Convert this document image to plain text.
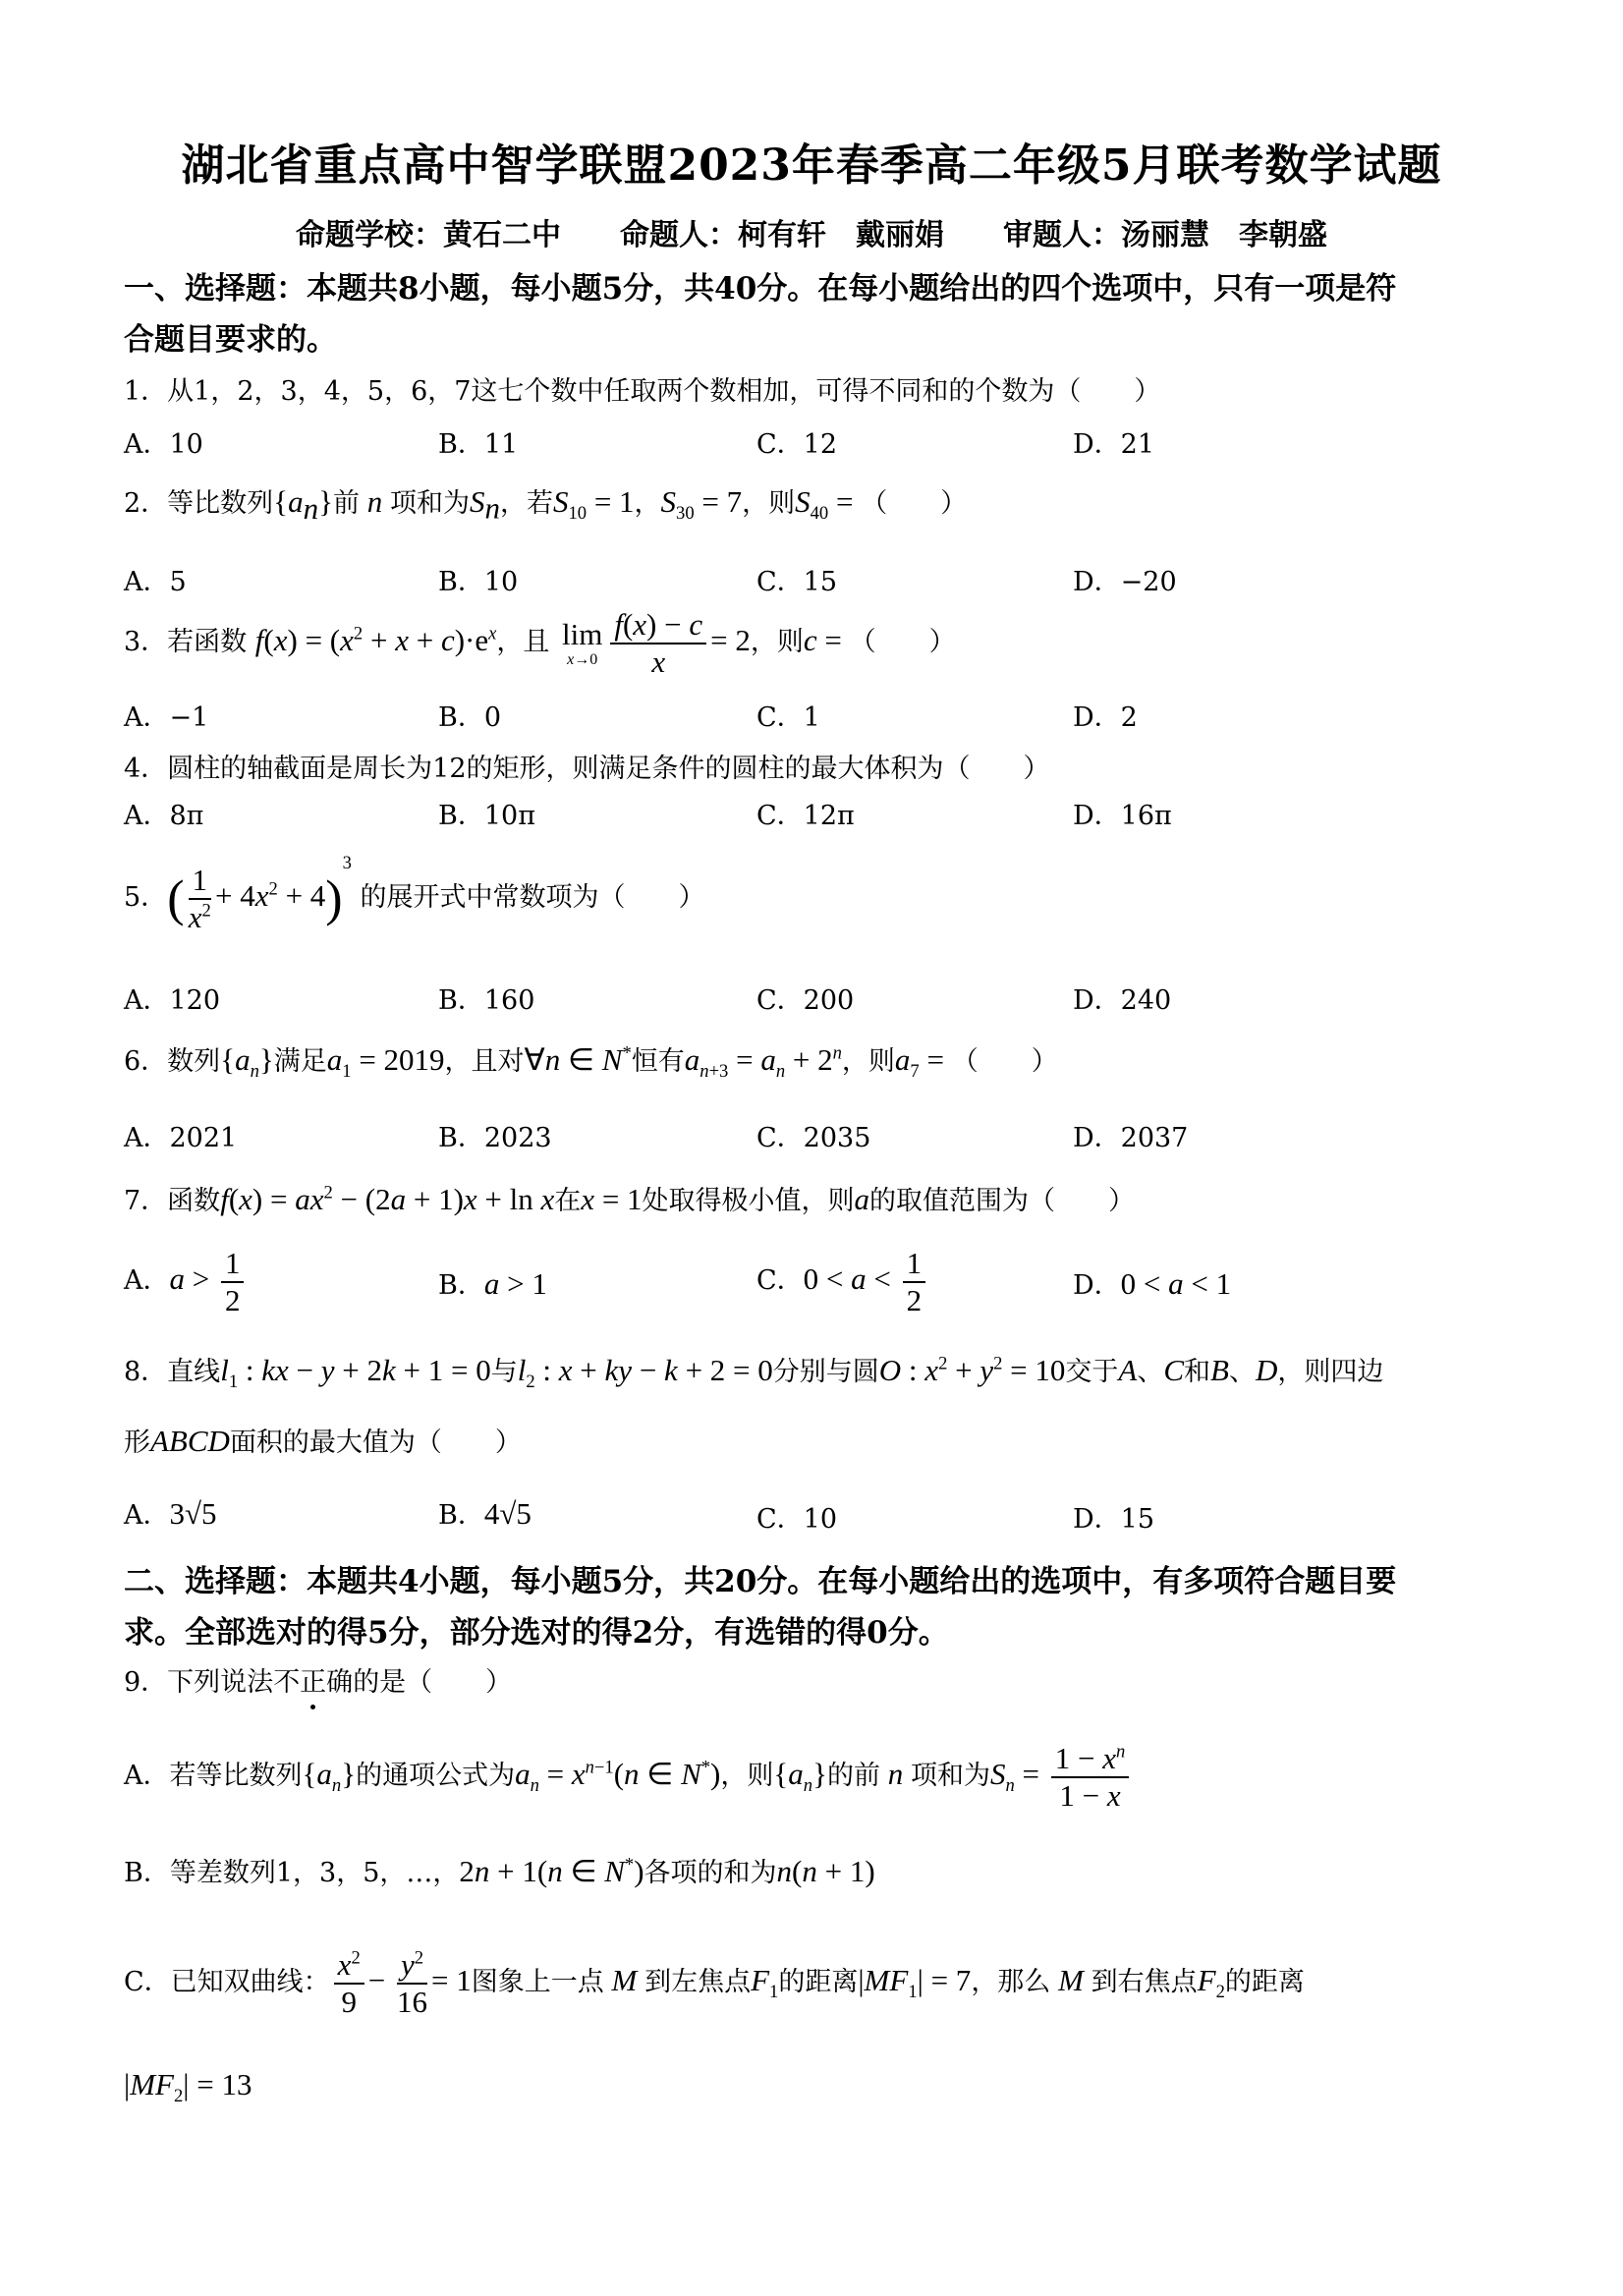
湖北省重点高中智学联盟2023年春季高二年级5月联考数学试题
命题学校：黄石二中　　命题人：柯有轩　戴丽娟　　审题人：汤丽慧　李朝盛
一、选择题：本题共8小题，每小题5分，共40分。在每小题给出的四个选项中，只有一项是符
合题目要求的。
1．从1，2，3，4，5，6，7这七个数中任取两个数相加，可得不同和的个数为（　　）
A．10	B．11	C．12	D．21
2．等比数列$\{a_n\}$前 n 项和为$S_n$，若$S_{10} = 1$，$S_{30} = 7$，则$S_{40}$ = （　　）
A．5	B．10	C．15	D．−20
3．若函数 $f(x) = (x^2 + x + c)\cdot e^x$，且 lim
$x\to 0 \frac{f(x) - c}{x} = 2$，则c = （　　）
A．−1	B．0	C．1	D．2
4．圆柱的轴截面是周长为12的矩形，则满足条件的圆柱的最大体积为（　　）
A．8π	B．10π	C．12π	D．16π
5．( $\frac{1}{x^2} + 4x^2 + 4)^3$ 的展开式中常数项为（　　）
A．120	B．160	C．200	D．240
6．数列$\{a_n\}$满足$a_1 = 2019$，且对∀n ∈ N*恒有$a_{n+3} = a_n + 2^n$，则$a_7$ = （　　）
A．2021	B．2023	C．2035	D．2037
7．函数$f(x) = ax^2 - (2a + 1)x + \ln x$在x = 1处取得极小值，则a的取值范围为（　　）
A．$a > \frac{1}{2}$	B．a > 1	C．$0 < a < \frac{1}{2}$	D．0 < a < 1
8．直线$l_1$ : kx − y + 2k + 1 = 0与$l_2$ : x + ky − k + 2 = 0分别与圆O : $x^2 + y^2 = 10$交于A、C和B、D，则四边
形ABCD面积的最大值为（　　）
A．3√5	B．4√5	C．10	D．15
二、选择题：本题共4小题，每小题5分，共20分。在每小题给出的选项中，有多项符合题目要
求。全部选对的得5分，部分选对的得2分，有选错的得0分。
9．下列说法不正确的是（　　）
A．若等比数列$\{a_n\}$的通项公式为$a_n = x^{n-1}(n$ ∈ N*)，则$\{a_n\}$的前 n 项和为$S_n = \frac{1 - x^n}{1 - x}$
B．等差数列1，3，5，…，2n + 1(n ∈ N*)各项的和为n(n + 1)
C．已知双曲线： $\frac{x^2}{9} - \frac{y^2}{16} = 1$图象上一点 M 到左焦点$F_1$的距离$|MF_1| = 7$，那么 M 到右焦点$F_2$的距离
$|MF_2| = 13$
